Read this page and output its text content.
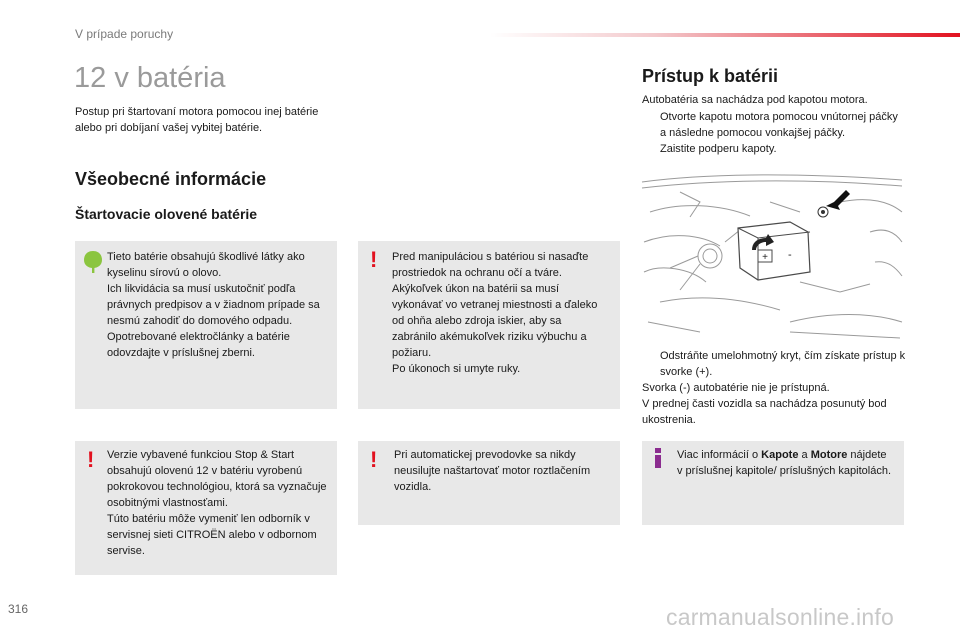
V prípade poruchy
12 v batéria
Postup pri štartovaní motora pomocou inej batérie alebo pri dobíjaní vašej vybitej batérie.
Všeobecné informácie
Štartovacie olovené batérie
Tieto batérie obsahujú škodlivé látky ako kyselinu sírovú o olovo.
Ich likvidácia sa musí uskutočniť podľa právnych predpisov a v žiadnom prípade sa nesmú zahodiť do domového odpadu.
Opotrebované elektročlánky a batérie odovzdajte v príslušnej zberni.
! Pred manipuláciou s batériou si nasaďte prostriedok na ochranu očí a tváre.
Akýkoľvek úkon na batérii sa musí vykonávať vo vetranej miestnosti a ďaleko od ohňa alebo zdroja iskier, aby sa zabránilo akémukoľvek riziku výbuchu a požiaru.
Po úkonoch si umyte ruky.
! Verzie vybavené funkciou Stop & Start obsahujú olovenú 12 v batériu vyrobenú pokrokovou technológiou, ktorá sa vyznačuje osobitnými vlastnosťami.
Túto batériu môže vymeniť len odborník v servisnej sieti CITROËN alebo v odbornom servise.
! Pri automatickej prevodovke sa nikdy neusilujte naštartovať motor roztlačením vozidla.
Prístup k batérii
Autobatéria sa nachádza pod kapotou motora.
Otvorte kapotu motora pomocou vnútornej páčky a následne pomocou vonkajšej páčky.
Zaistite podperu kapoty.
+ -
Odstráňte umelohmotný kryt, čím získate prístup k svorke (+).
Svorka (-) autobatérie nie je prístupná.
V prednej časti vozidla sa nachádza posunutý bod ukostrenia.
Viac informácií o Kapote a Motore nájdete v príslušnej kapitole/ príslušných kapitolách.
316	carmanualsonline.info
